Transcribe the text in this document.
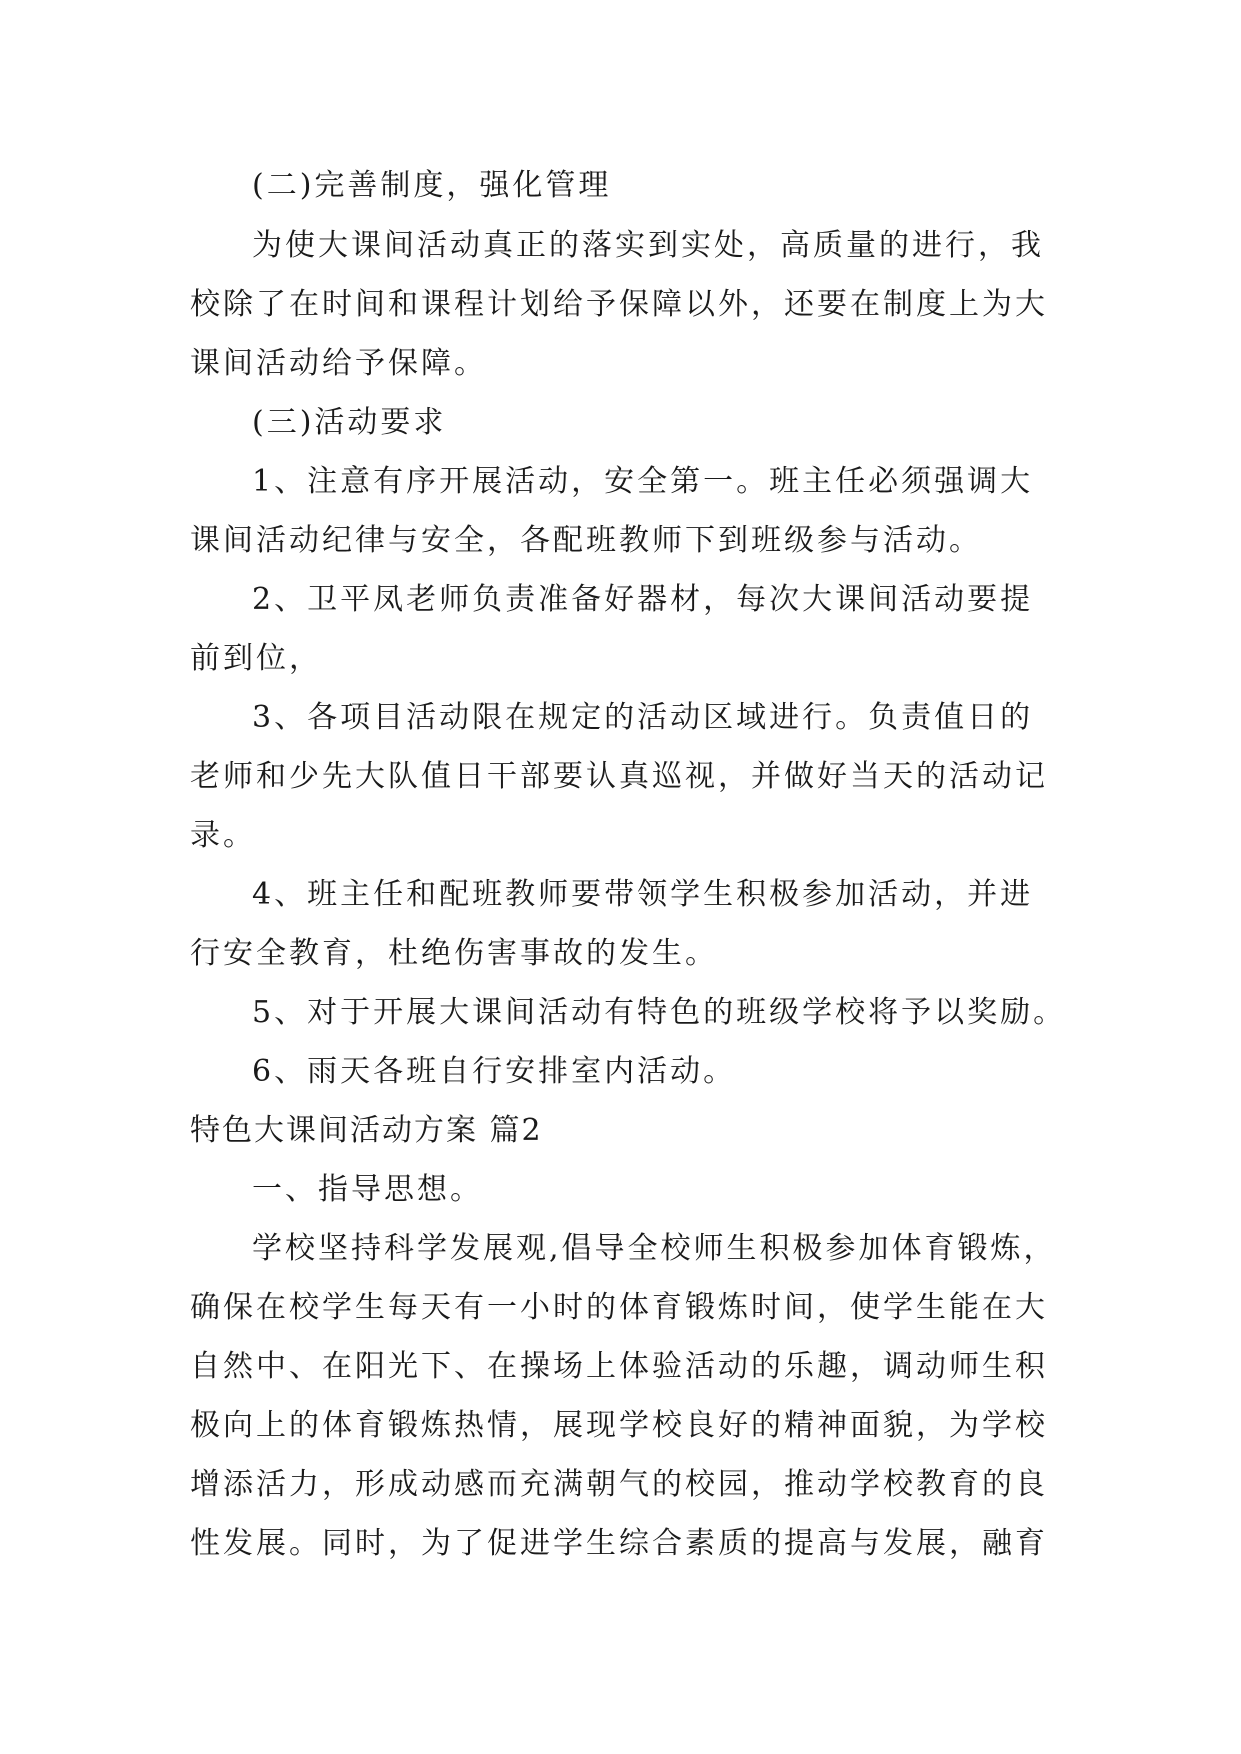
(二)完善制度，强化管理
为使大课间活动真正的落实到实处，高质量的进行，我
校除了在时间和课程计划给予保障以外，还要在制度上为大
课间活动给予保障。
(三)活动要求
1、注意有序开展活动，安全第一。班主任必须强调大
课间活动纪律与安全，各配班教师下到班级参与活动。
2、卫平凤老师负责准备好器材，每次大课间活动要提
前到位，
3、各项目活动限在规定的活动区域进行。负责值日的
老师和少先大队值日干部要认真巡视，并做好当天的活动记
录。
4、班主任和配班教师要带领学生积极参加活动，并进
行安全教育，杜绝伤害事故的发生。
5、对于开展大课间活动有特色的班级学校将予以奖励。
6、雨天各班自行安排室内活动。
特色大课间活动方案 篇2
一、指导思想。
学校坚持科学发展观,倡导全校师生积极参加体育锻炼，
确保在校学生每天有一小时的体育锻炼时间，使学生能在大
自然中、在阳光下、在操场上体验活动的乐趣，调动师生积
极向上的体育锻炼热情，展现学校良好的精神面貌，为学校
增添活力，形成动感而充满朝气的校园，推动学校教育的良
性发展。同时，为了促进学生综合素质的提高与发展，融育
